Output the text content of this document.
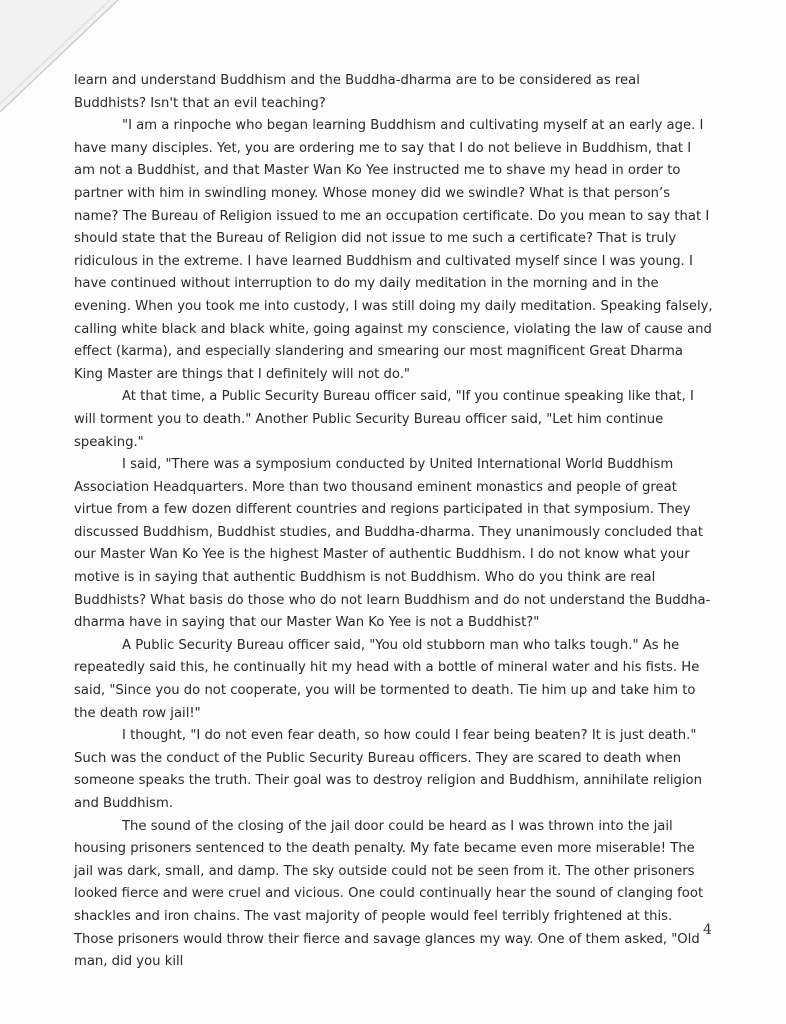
learn and understand Buddhism and the Buddha-dharma are to be considered as real Buddhists? Isn't that an evil teaching?

"I am a rinpoche who began learning Buddhism and cultivating myself at an early age. I have many disciples. Yet, you are ordering me to say that I do not believe in Buddhism, that I am not a Buddhist, and that Master Wan Ko Yee instructed me to shave my head in order to partner with him in swindling money. Whose money did we swindle? What is that person’s name? The Bureau of Religion issued to me an occupation certificate. Do you mean to say that I should state that the Bureau of Religion did not issue to me such a certificate? That is truly ridiculous in the extreme. I have learned Buddhism and cultivated myself since I was young. I have continued without interruption to do my daily meditation in the morning and in the evening. When you took me into custody, I was still doing my daily meditation. Speaking falsely, calling white black and black white, going against my conscience, violating the law of cause and effect (karma), and especially slandering and smearing our most magnificent Great Dharma King Master are things that I definitely will not do."

At that time, a Public Security Bureau officer said, "If you continue speaking like that, I will torment you to death." Another Public Security Bureau officer said, "Let him continue speaking."

I said, "There was a symposium conducted by United International World Buddhism Association Headquarters. More than two thousand eminent monastics and people of great virtue from a few dozen different countries and regions participated in that symposium. They discussed Buddhism, Buddhist studies, and Buddha-dharma. They unanimously concluded that our Master Wan Ko Yee is the highest Master of authentic Buddhism. I do not know what your motive is in saying that authentic Buddhism is not Buddhism. Who do you think are real Buddhists? What basis do those who do not learn Buddhism and do not understand the Buddha-dharma have in saying that our Master Wan Ko Yee is not a Buddhist?"

A Public Security Bureau officer said, "You old stubborn man who talks tough." As he repeatedly said this, he continually hit my head with a bottle of mineral water and his fists. He said, "Since you do not cooperate, you will be tormented to death. Tie him up and take him to the death row jail!"

I thought, "I do not even fear death, so how could I fear being beaten? It is just death." Such was the conduct of the Public Security Bureau officers. They are scared to death when someone speaks the truth. Their goal was to destroy religion and Buddhism, annihilate religion and Buddhism.

The sound of the closing of the jail door could be heard as I was thrown into the jail housing prisoners sentenced to the death penalty. My fate became even more miserable! The jail was dark, small, and damp. The sky outside could not be seen from it. The other prisoners looked fierce and were cruel and vicious. One could continually hear the sound of clanging foot shackles and iron chains. The vast majority of people would feel terribly frightened at this. Those prisoners would throw their fierce and savage glances my way. One of them asked, "Old man, did you kill

4
